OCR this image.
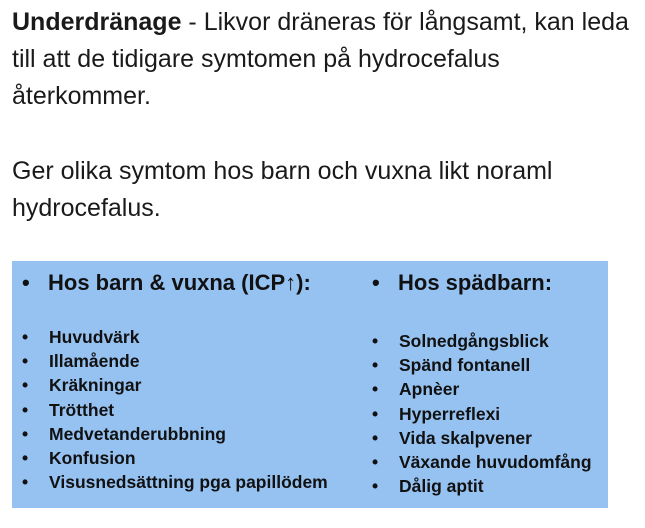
Underdränage - Likvor dräneras för långsamt, kan leda till att de tidigare symtomen på hydrocefalus återkommer.
Ger olika symtom hos barn och vuxna likt noraml hydrocefalus.
• Hos barn & vuxna (ICP↑):
• Huvudvärk
• Illamående
• Kräkningar
• Trötthet
• Medvetanderubbning
• Konfusion
• Visusnedsättning pga papillödem
• Hos spädbarn:
• Solnedgångsblick
• Spänd fontanell
• Apnèer
• Hyperreflexi
• Vida skalpvener
• Växande huvudomfång
• Dålig aptit
